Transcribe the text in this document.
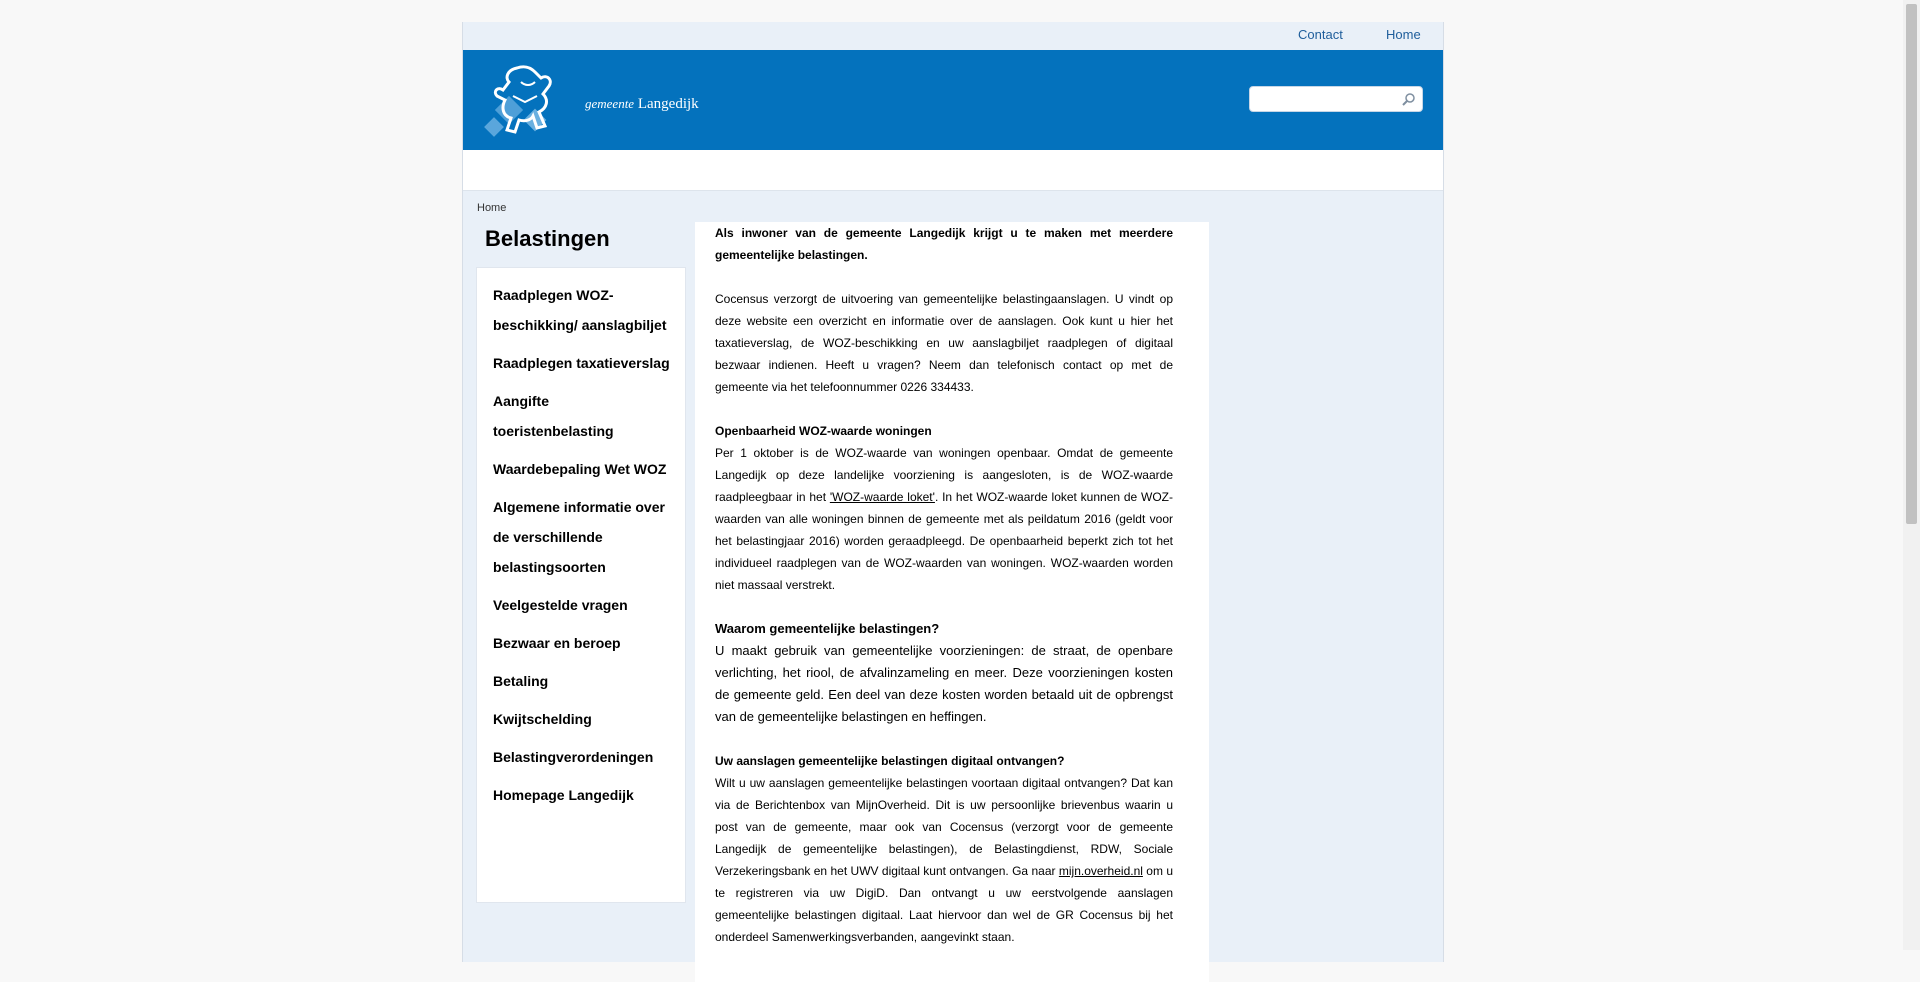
Contact	Home
gemeente Langedijk
Home
Belastingen
Raadplegen WOZ-beschikking/ aanslagbiljet
Raadplegen taxatieverslag
Aangifte toeristenbelasting
Waardebepaling Wet WOZ
Algemene informatie over de verschillende belastingsoorten
Veelgestelde vragen
Bezwaar en beroep
Betaling
Kwijtschelding
Belastingverordeningen
Homepage Langedijk

Als inwoner van de gemeente Langedijk krijgt u te maken met meerdere gemeentelijke belastingen.

Cocensus verzorgt de uitvoering van gemeentelijke belastingaanslagen. U vindt op deze website een overzicht en informatie over de aanslagen. Ook kunt u hier het taxatieverslag, de WOZ-beschikking en uw aanslagbiljet raadplegen of digitaal bezwaar indienen. Heeft u vragen? Neem dan telefonisch contact op met de gemeente via het telefoonnummer 0226 334433.

Openbaarheid WOZ-waarde woningen

Per 1 oktober is de WOZ-waarde van woningen openbaar. Omdat de gemeente Langedijk op deze landelijke voorziening is aangesloten, is de WOZ-waarde raadpleegbaar in het 'WOZ-waarde loket'. In het WOZ-waarde loket kunnen de WOZ-waarden van alle woningen binnen de gemeente met als peildatum 2016 (geldt voor het belastingjaar 2016) worden geraadpleegd. De openbaarheid beperkt zich tot het individueel raadplegen van de WOZ-waarden van woningen. WOZ-waarden worden niet massaal verstrekt.

Waarom gemeentelijke belastingen?

U maakt gebruik van gemeentelijke voorzieningen: de straat, de openbare verlichting, het riool, de afvalinzameling en meer. Deze voorzieningen kosten de gemeente geld. Een deel van deze kosten worden betaald uit de opbrengst van de gemeentelijke belastingen en heffingen.

Uw aanslagen gemeentelijke belastingen digitaal ontvangen?

Wilt u uw aanslagen gemeentelijke belastingen voortaan digitaal ontvangen? Dat kan via de Berichtenbox van MijnOverheid. Dit is uw persoonlijke brievenbus waarin u post van de gemeente, maar ook van Cocensus (verzorgt voor de gemeente Langedijk de gemeentelijke belastingen), de Belastingdienst, RDW, Sociale Verzekeringsbank en het UWV digitaal kunt ontvangen. Ga naar mijn.overheid.nl om u te registreren via uw DigiD. Dan ontvangt u uw eerstvolgende aanslagen gemeentelijke belastingen digitaal. Laat hiervoor dan wel de GR Cocensus bij het onderdeel Samenwerkingsverbanden, aangevinkt staan.
